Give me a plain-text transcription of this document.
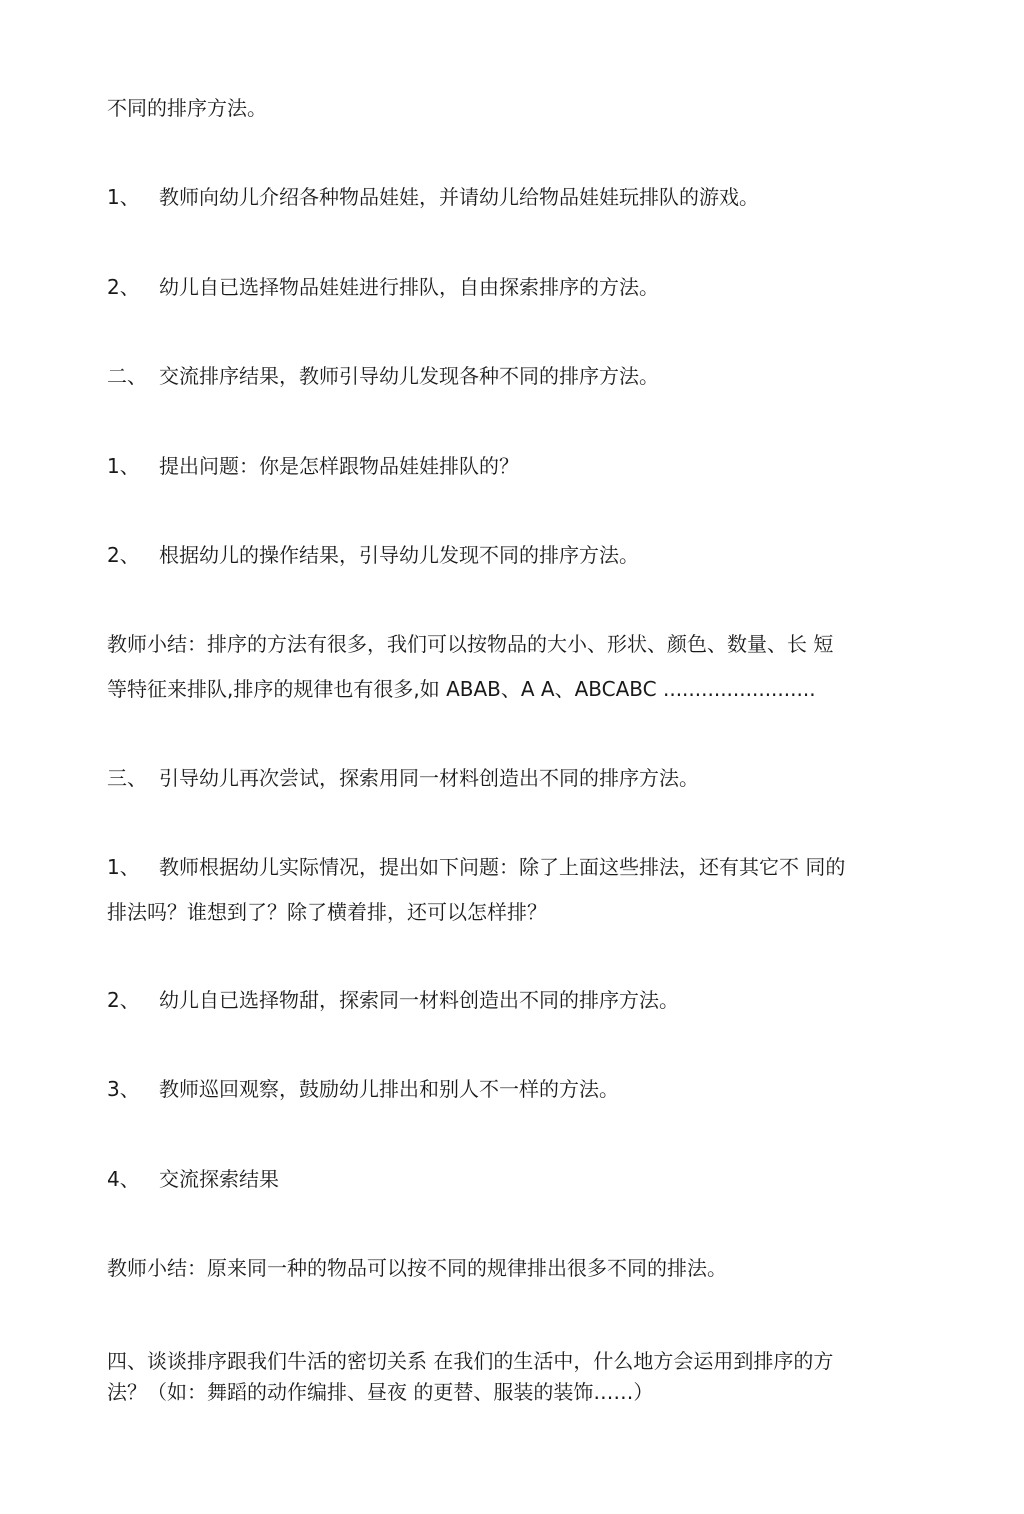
不同的排序方法。
1、 教师向幼儿介绍各种物品娃娃，并请幼儿给物品娃娃玩排队的游戏。
2、 幼儿自已选择物品娃娃进行排队，自由探索排序的方法。
二、 交流排序结果，教师引导幼儿发现各种不同的排序方法。
1、 提出问题：你是怎样跟物品娃娃排队的？
2、 根据幼儿的操作结果，引导幼儿发现不同的排序方法。
教师小结：排序的方法有很多，我们可以按物品的大小、形状、颜色、数量、长 短
等特征来排队,排序的规律也有很多,如 ABAB、A A、ABCABC ........................
三、 引导幼儿再次尝试，探索用同一材料创造出不同的排序方法。
1、 教师根据幼儿实际情况，提出如下问题：除了上面这些排法，还有其它不 同的
排法吗？谁想到了？除了横着排，还可以怎样排？
2、 幼儿自已选择物甜，探索同一材料创造出不同的排序方法。
3、 教师巡回观察，鼓励幼儿排出和别人不一样的方法。
4、 交流探索结果
教师小结：原来同一种的物品可以按不同的规律排出很多不同的排法。
四、谈谈排序跟我们牛活的密切关系 在我们的生活中，什么地方会运用到排序的方
法？（如：舞蹈的动作编排、昼夜 的更替、服装的装饰……）
